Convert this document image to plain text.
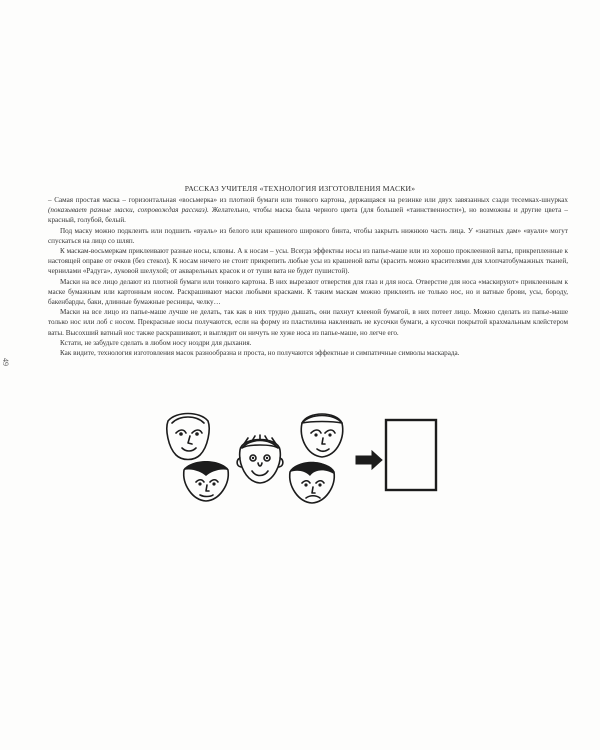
РАССКАЗ УЧИТЕЛЯ «ТЕХНОЛОГИЯ ИЗГОТОВЛЕНИЯ МАСКИ»

– Самая простая маска – горизонтальная «восьмерка» из плотной бумаги или тонкого картона, держащаяся на резинке или двух завязанных сзади тесемках-шнурках (показывает разные маски, сопровождая рассказ). Желательно, чтобы маска была черного цвета (для большей «таинственности»), но возможны и другие цвета – красный, голубой, белый.

Под маску можно подклеить или подшить «вуаль» из белого или крашеного широкого бинта, чтобы закрыть нижнюю часть лица. У «знатных дам» «вуали» могут спускаться на лицо со шляп.

К маскам-восьмеркам приклеивают разные носы, клювы. А к носам – усы. Всегда эффектны носы из папье-маше или из хорошо проклеенной ваты, прикрепленные к настоящей оправе от очков (без стекол). К носам ничего не стоит прикрепить любые усы из крашеной ваты (красить можно красителями для хлопчатобумажных тканей, чернилами «Радуга», луковой шелухой; от акварельных красок и от туши вата не будет пушистой).

Маски на все лицо делают из плотной бумаги или тонкого картона. В них вырезают отверстия для глаз и для носа. Отверстие для носа «маскируют» приклеенным к маске бумажным или картонным носом. Раскрашивают маски любыми красками. К таким маскам можно приклеить не только нос, но и ватные брови, усы, бороду, бакенбарды, баки, длинные бумажные ресницы, челку…

Маски на все лицо из папье-маше лучше не делать, так как в них трудно дышать, они пахнут клееной бумагой, в них потеет лицо. Можно сделать из папье-маше только нос или лоб с носом. Прекрасные носы получаются, если на форму из пластилина наклеивать не кусочки бумаги, а кусочки покрытой крахмальным клейстером ваты. Высохший ватный нос также раскрашивают, и выглядит он ничуть не хуже носа из папье-маше, но легче его.

Кстати, не забудьте сделать в любом носу ноздри для дыхания.

Как видите, технология изготовления масок разнообразна и проста, но получаются эффектные и симпатичные символы маскарада.

49
